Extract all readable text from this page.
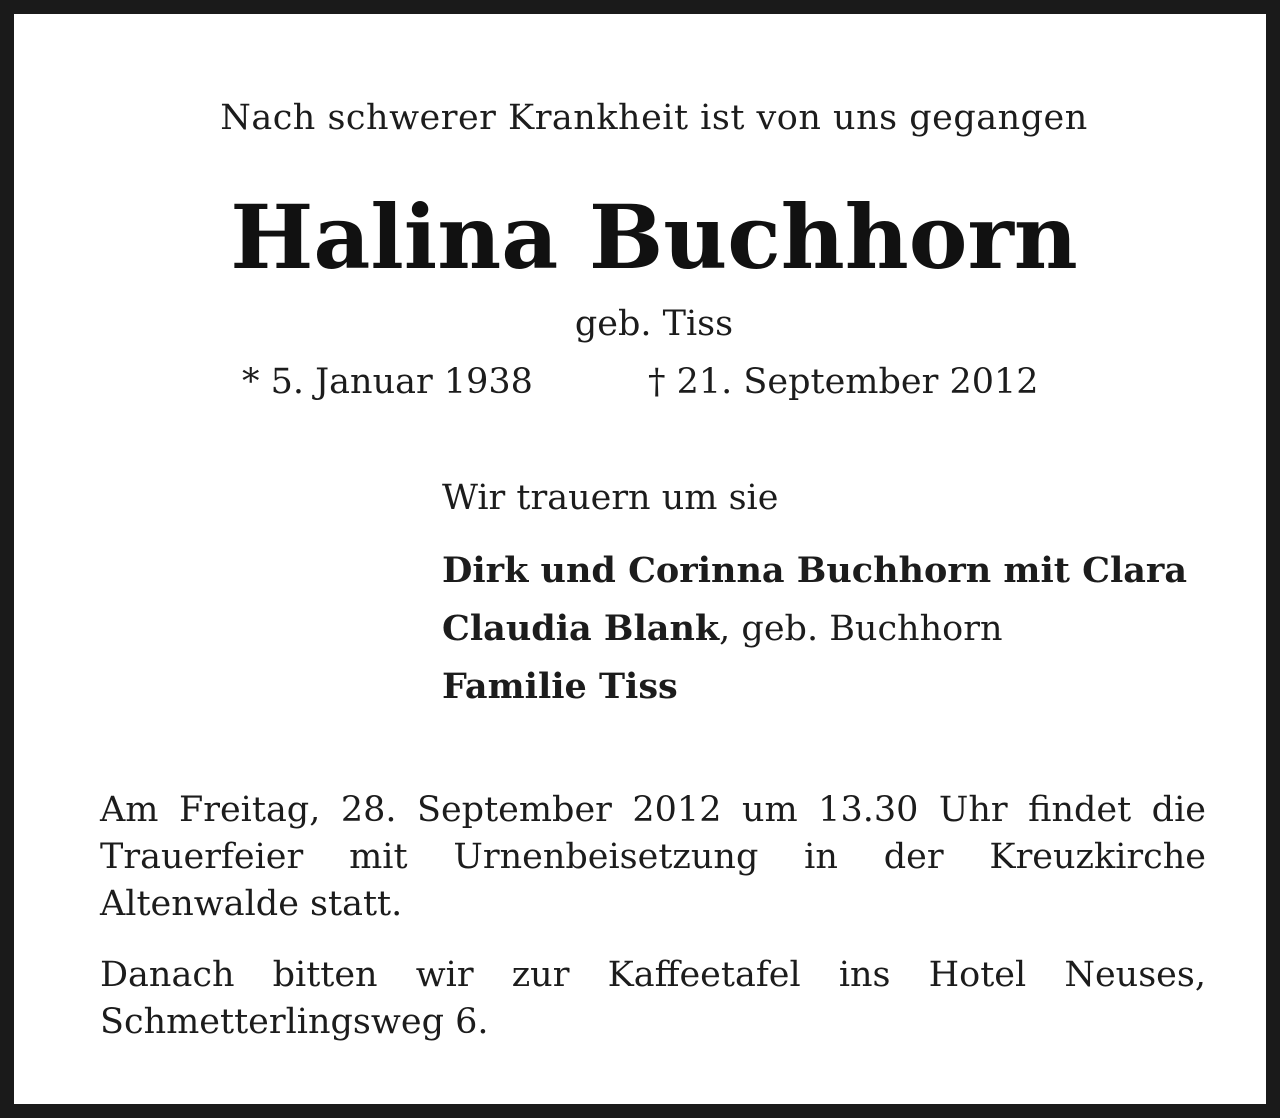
Nach schwerer Krankheit ist von uns gegangen
Halina Buchhorn
geb. Tiss
* 5. Januar 1938	† 21. September 2012
Wir trauern um sie
Dirk und Corinna Buchhorn mit Clara
Claudia Blank, geb. Buchhorn
Familie Tiss
Am Freitag, 28. September 2012 um 13.30 Uhr findet die Trauerfeier mit Urnenbeisetzung in der Kreuzkirche Altenwalde statt.
Danach bitten wir zur Kaffeetafel ins Hotel Neuses, Schmetterlingsweg 6.
